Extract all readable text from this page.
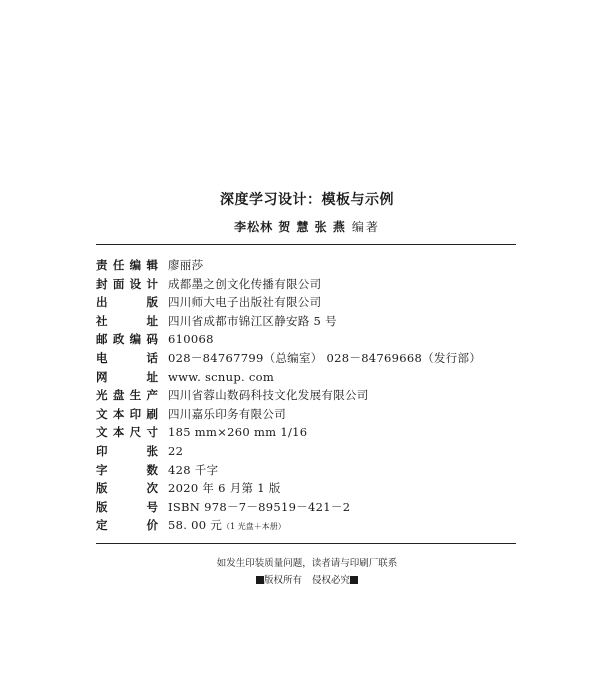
深度学习设计：模板与示例
李松林 贺 慧 张 燕 编著
责任编辑 廖丽莎
封面设计 成都墨之创文化传播有限公司
出版 四川师大电子出版社有限公司
社址 四川省成都市锦江区静安路 5 号
邮政编码 610068
电话 028－84767799（总编室） 028－84769668（发行部）
网址 www. scnup. com
光盘生产 四川省蓉山数码科技文化发展有限公司
文本印刷 四川嘉乐印务有限公司
文本尺寸 185 mm×260 mm 1/16
印张 22
字数 428 千字
版次 2020 年 6 月第 1 版
版号 ISBN 978－7－89519－421－2
定价 58. 00 元（1 光盘＋本册）
如发生印装质量问题，读者请与印刷厂联系
版权所有 侵权必究
